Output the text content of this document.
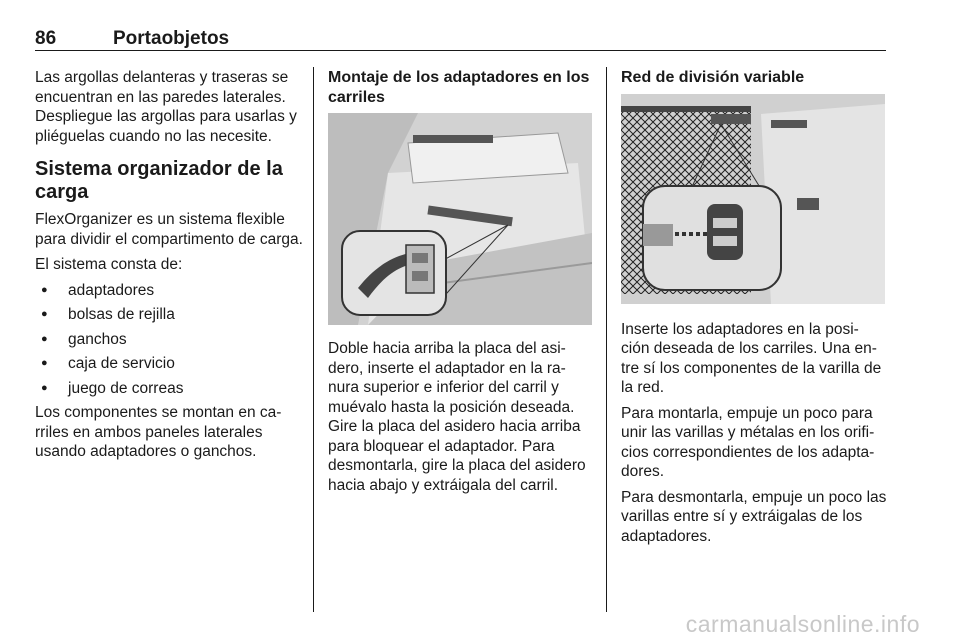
86	Portaobjetos

Las argollas delanteras y traseras se encuentran en las paredes laterales. Despliegue las argollas para usarlas y pliéguelas cuando no las necesite.

Sistema organizador de la carga

FlexOrganizer es un sistema flexible para dividir el compartimento de carga.

El sistema consta de:

● adaptadores
● bolsas de rejilla
● ganchos
● caja de servicio
● juego de correas

Los componentes se montan en ca-rriles en ambos paneles laterales usando adaptadores o ganchos.

Montaje de los adaptadores en los carriles

Doble hacia arriba la placa del asi-dero, inserte el adaptador en la ra-nura superior e inferior del carril y muévalo hasta la posición deseada. Gire la placa del asidero hacia arriba para bloquear el adaptador. Para desmontarla, gire la placa del asidero hacia abajo y extráigala del carril.

Red de división variable

Inserte los adaptadores en la posi-ción deseada de los carriles. Una en-tre sí los componentes de la varilla de la red.

Para montarla, empuje un poco para unir las varillas y métalas en los orifi-cios correspondientes de los adapta-dores.

Para desmontarla, empuje un poco las varillas entre sí y extráigalas de los adaptadores.

carmanualsonline.info
